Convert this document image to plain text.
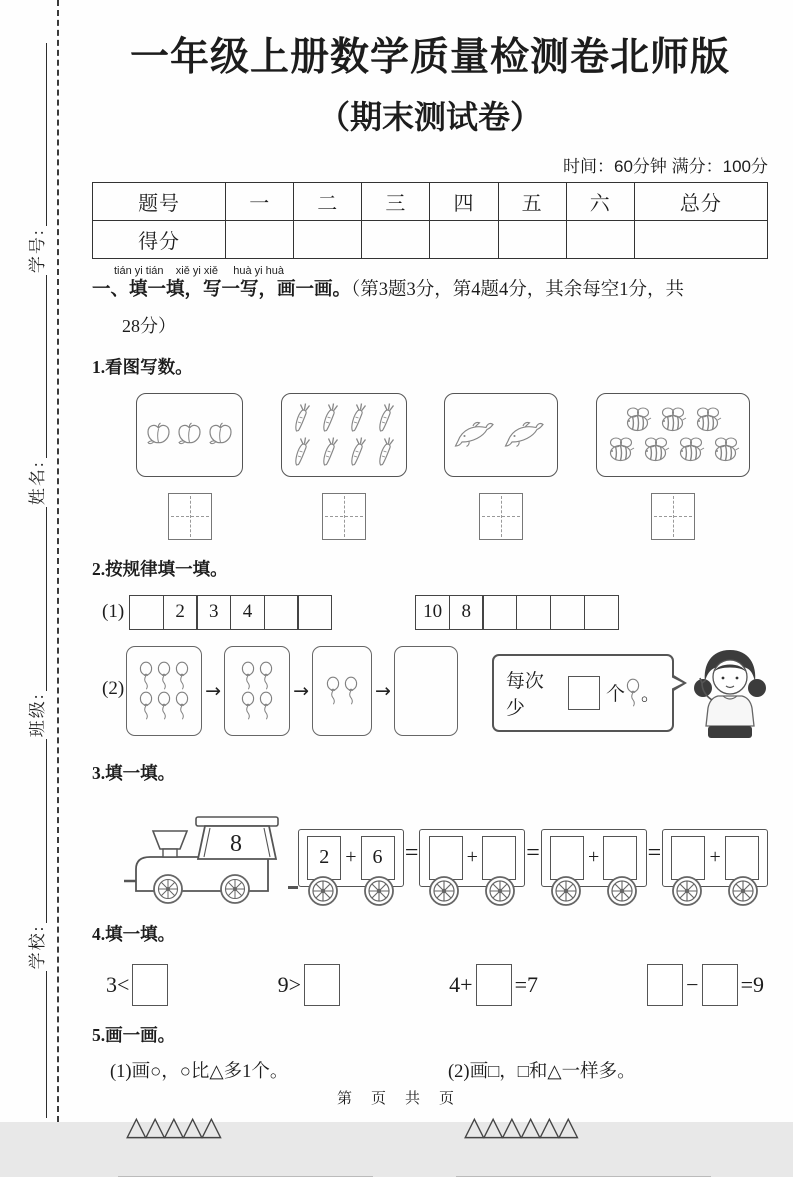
学校:
班级:
姓名:
学号:
一年级上册数学质量检测卷北师版
（期末测试卷）
时间：60分钟 满分：100分
题号	一	二	三	四	五	六	总分
得分							
tián yi tián    xiě yi xiě     huà yi huà
一、填一填，写一写，画一画。（第3题3分，第4题4分，其余每空1分，共
28分）
1.看图写数。
2.按规律填一填。
(1)	2	3	4	10	8
(2)	→	→	→	每次少
个 。
3.填一填。
8
2 + 6 = + = + = +
4.填一填。
3<	9>	4+ =7	− =9
5.画一画。
(1)画○，○比△多1个。
△△△△△
(2)画□，□和△一样多。
△△△△△△
第　页　共　页
